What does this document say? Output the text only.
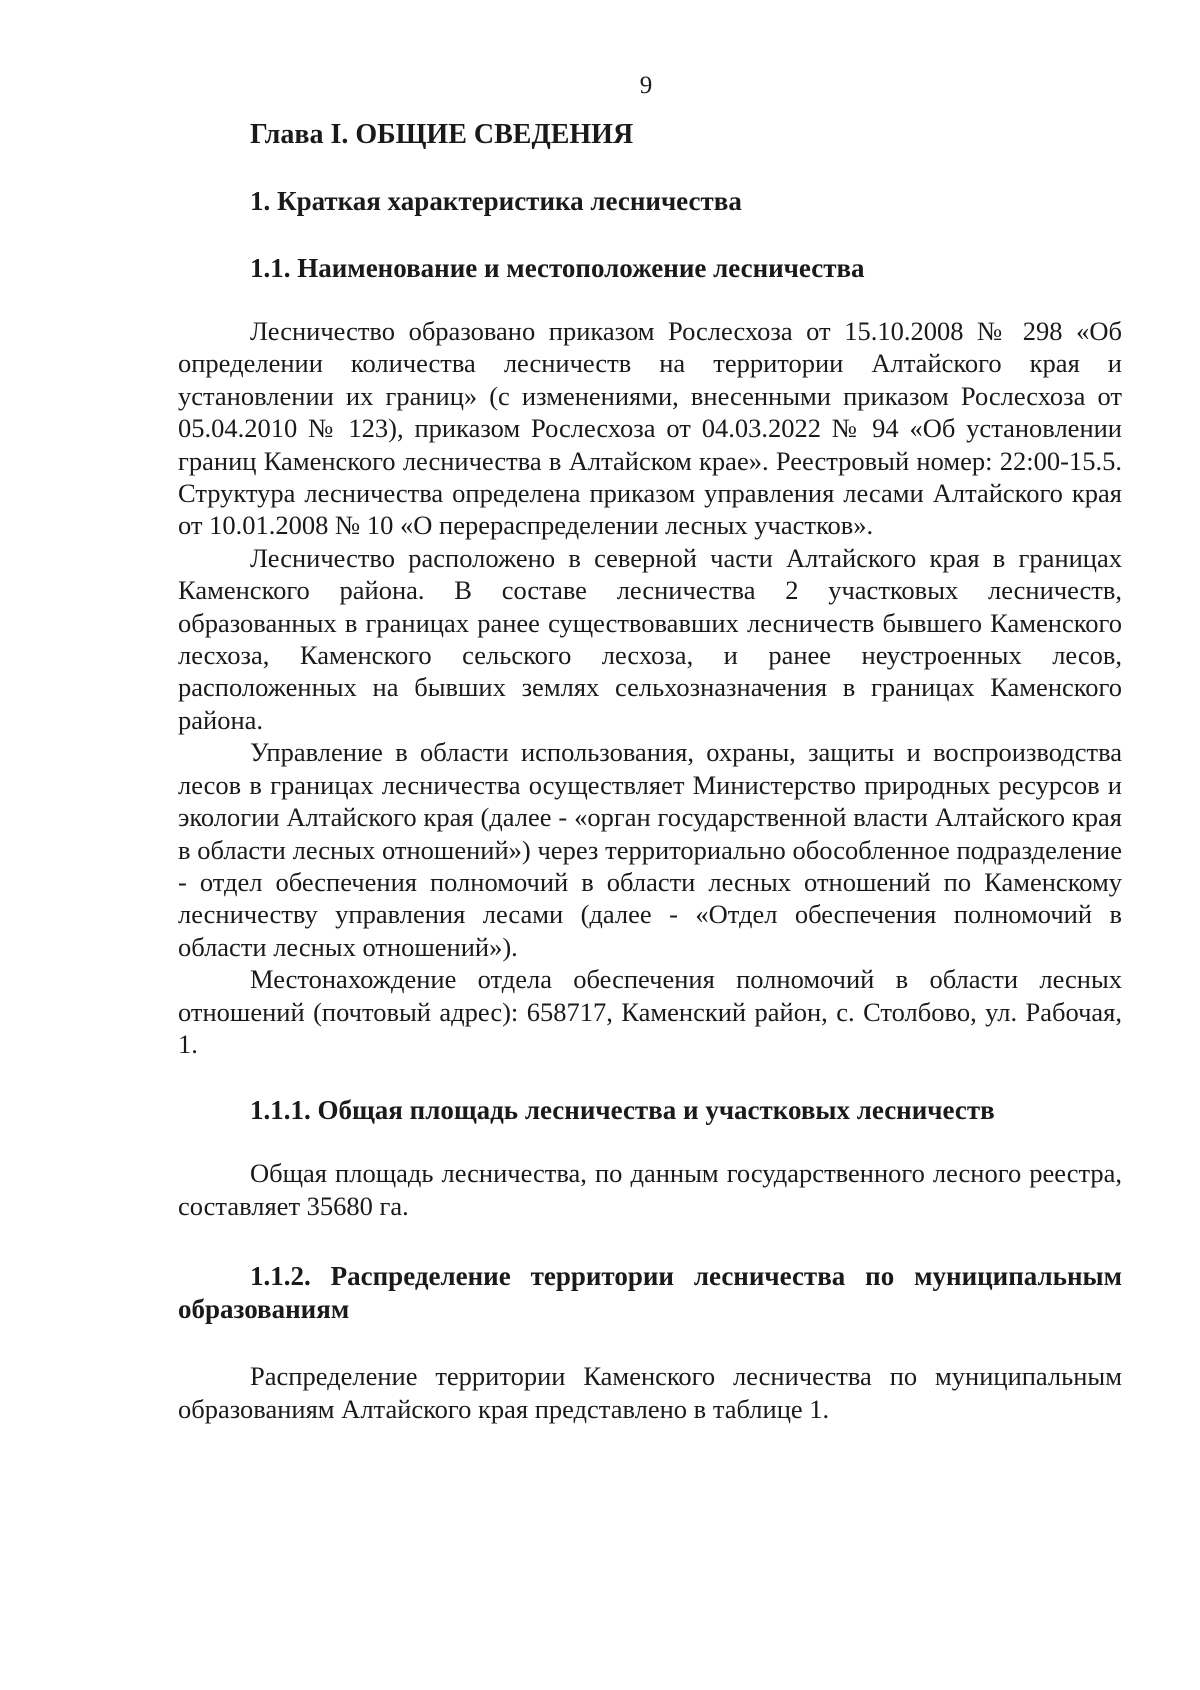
9
Глава I. ОБЩИЕ СВЕДЕНИЯ
1. Краткая характеристика лесничества
1.1. Наименование и местоположение лесничества

Лесничество образовано приказом Рослесхоза от 15.10.2008 № 298 «Об определении количества лесничеств на территории Алтайского края и установлении их границ» (с изменениями, внесенными приказом Рослесхоза от 05.04.2010 № 123), приказом Рослесхоза от 04.03.2022 № 94 «Об установлении границ Каменского лесничества в Алтайском крае». Реестровый номер: 22:00-15.5. Структура лесничества определена приказом управления лесами Алтайского края от 10.01.2008 № 10 «О перераспределении лесных участков».

Лесничество расположено в северной части Алтайского края в границах Каменского района. В составе лесничества 2 участковых лесничеств, образованных в границах ранее существовавших лесничеств бывшего Каменского лесхоза, Каменского сельского лесхоза, и ранее неустроенных лесов, расположенных на бывших землях сельхозназначения в границах Каменского района.

Управление в области использования, охраны, защиты и воспроизводства лесов в границах лесничества осуществляет Министерство природных ресурсов и экологии Алтайского края (далее - «орган государственной власти Алтайского края в области лесных отношений») через территориально обособленное подразделение - отдел обеспечения полномочий в области лесных отношений по Каменскому лесничеству управления лесами (далее - «Отдел обеспечения полномочий в области лесных отношений»).

Местонахождение отдела обеспечения полномочий в области лесных отношений (почтовый адрес): 658717, Каменский район, с. Столбово, ул. Рабочая, 1.

1.1.1. Общая площадь лесничества и участковых лесничеств

Общая площадь лесничества, по данным государственного лесного реестра, составляет 35680 га.

1.1.2. Распределение территории лесничества по муниципальным образованиям

Распределение территории Каменского лесничества по муниципальным образованиям Алтайского края представлено в таблице 1.
